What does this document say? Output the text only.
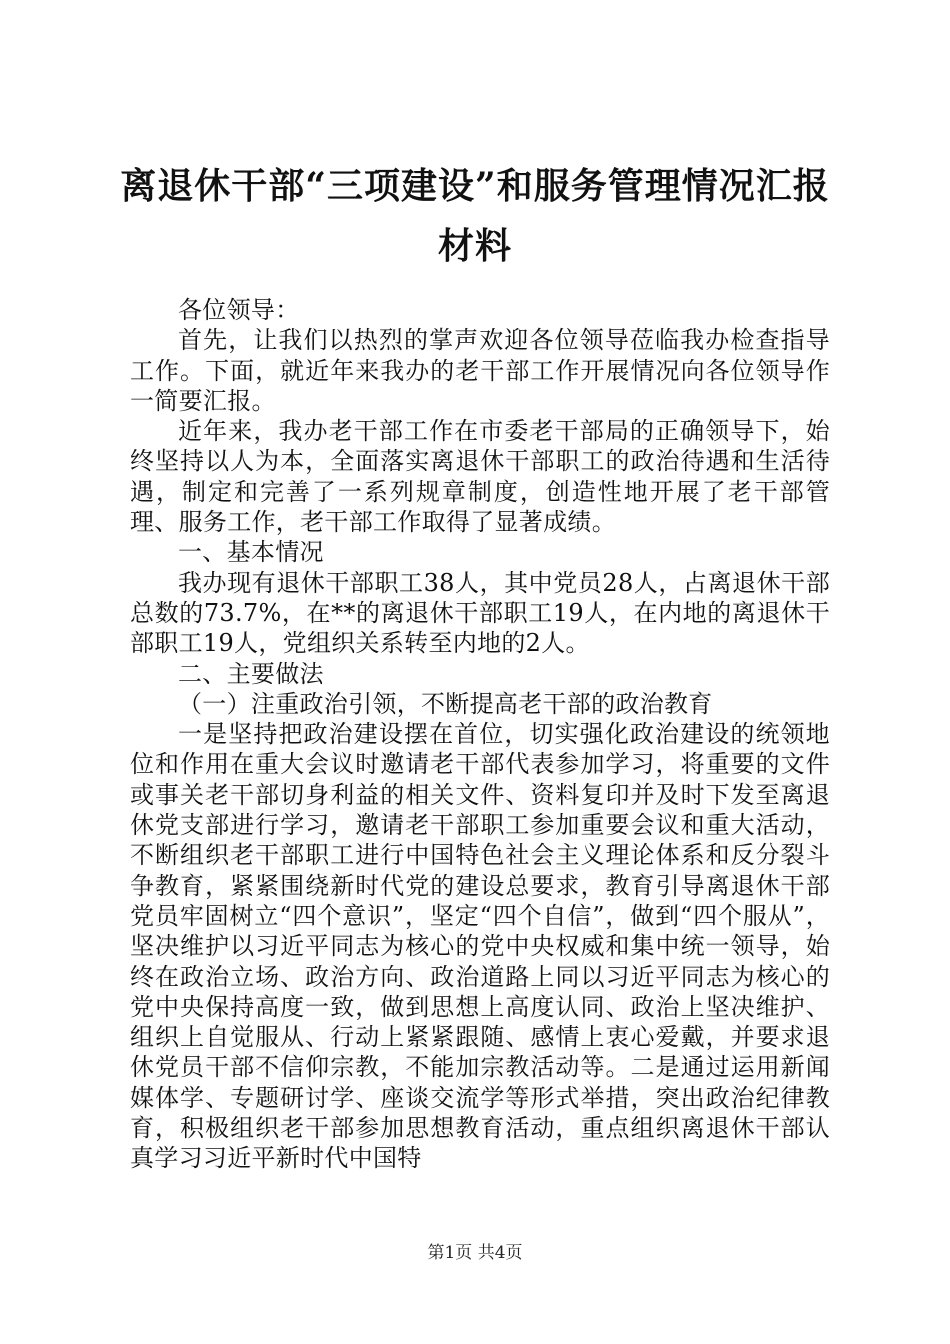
离退休干部“三项建设”和服务管理情况汇报
材料

各位领导：

首先，让我们以热烈的掌声欢迎各位领导莅临我办检查指导工作。下面，就近年来我办的老干部工作开展情况向各位领导作一简要汇报。

近年来，我办老干部工作在市委老干部局的正确领导下，始终坚持以人为本，全面落实离退休干部职工的政治待遇和生活待遇，制定和完善了一系列规章制度，创造性地开展了老干部管理、服务工作，老干部工作取得了显著成绩。

一、基本情况

我办现有退休干部职工38人，其中党员28人，占离退休干部总数的73.7%，在**的离退休干部职工19人，在内地的离退休干部职工19人，党组织关系转至内地的2人。

二、主要做法

（一）注重政治引领，不断提高老干部的政治教育

一是坚持把政治建设摆在首位，切实强化政治建设的统领地位和作用在重大会议时邀请老干部代表参加学习，将重要的文件或事关老干部切身利益的相关文件、资料复印并及时下发至离退休党支部进行学习，邀请老干部职工参加重要会议和重大活动，不断组织老干部职工进行中国特色社会主义理论体系和反分裂斗争教育，紧紧围绕新时代党的建设总要求，教育引导离退休干部党员牢固树立“四个意识”，坚定“四个自信”，做到“四个服从”，坚决维护以习近平同志为核心的党中央权威和集中统一领导，始终在政治立场、政治方向、政治道路上同以习近平同志为核心的党中央保持高度一致，做到思想上高度认同、政治上坚决维护、组织上自觉服从、行动上紧紧跟随、感情上衷心爱戴，并要求退休党员干部不信仰宗教，不能加宗教活动等。二是通过运用新闻媒体学、专题研讨学、座谈交流学等形式举措，突出政治纪律教育，积极组织老干部参加思想教育活动，重点组织离退休干部认真学习习近平新时代中国特

第1页 共4页
